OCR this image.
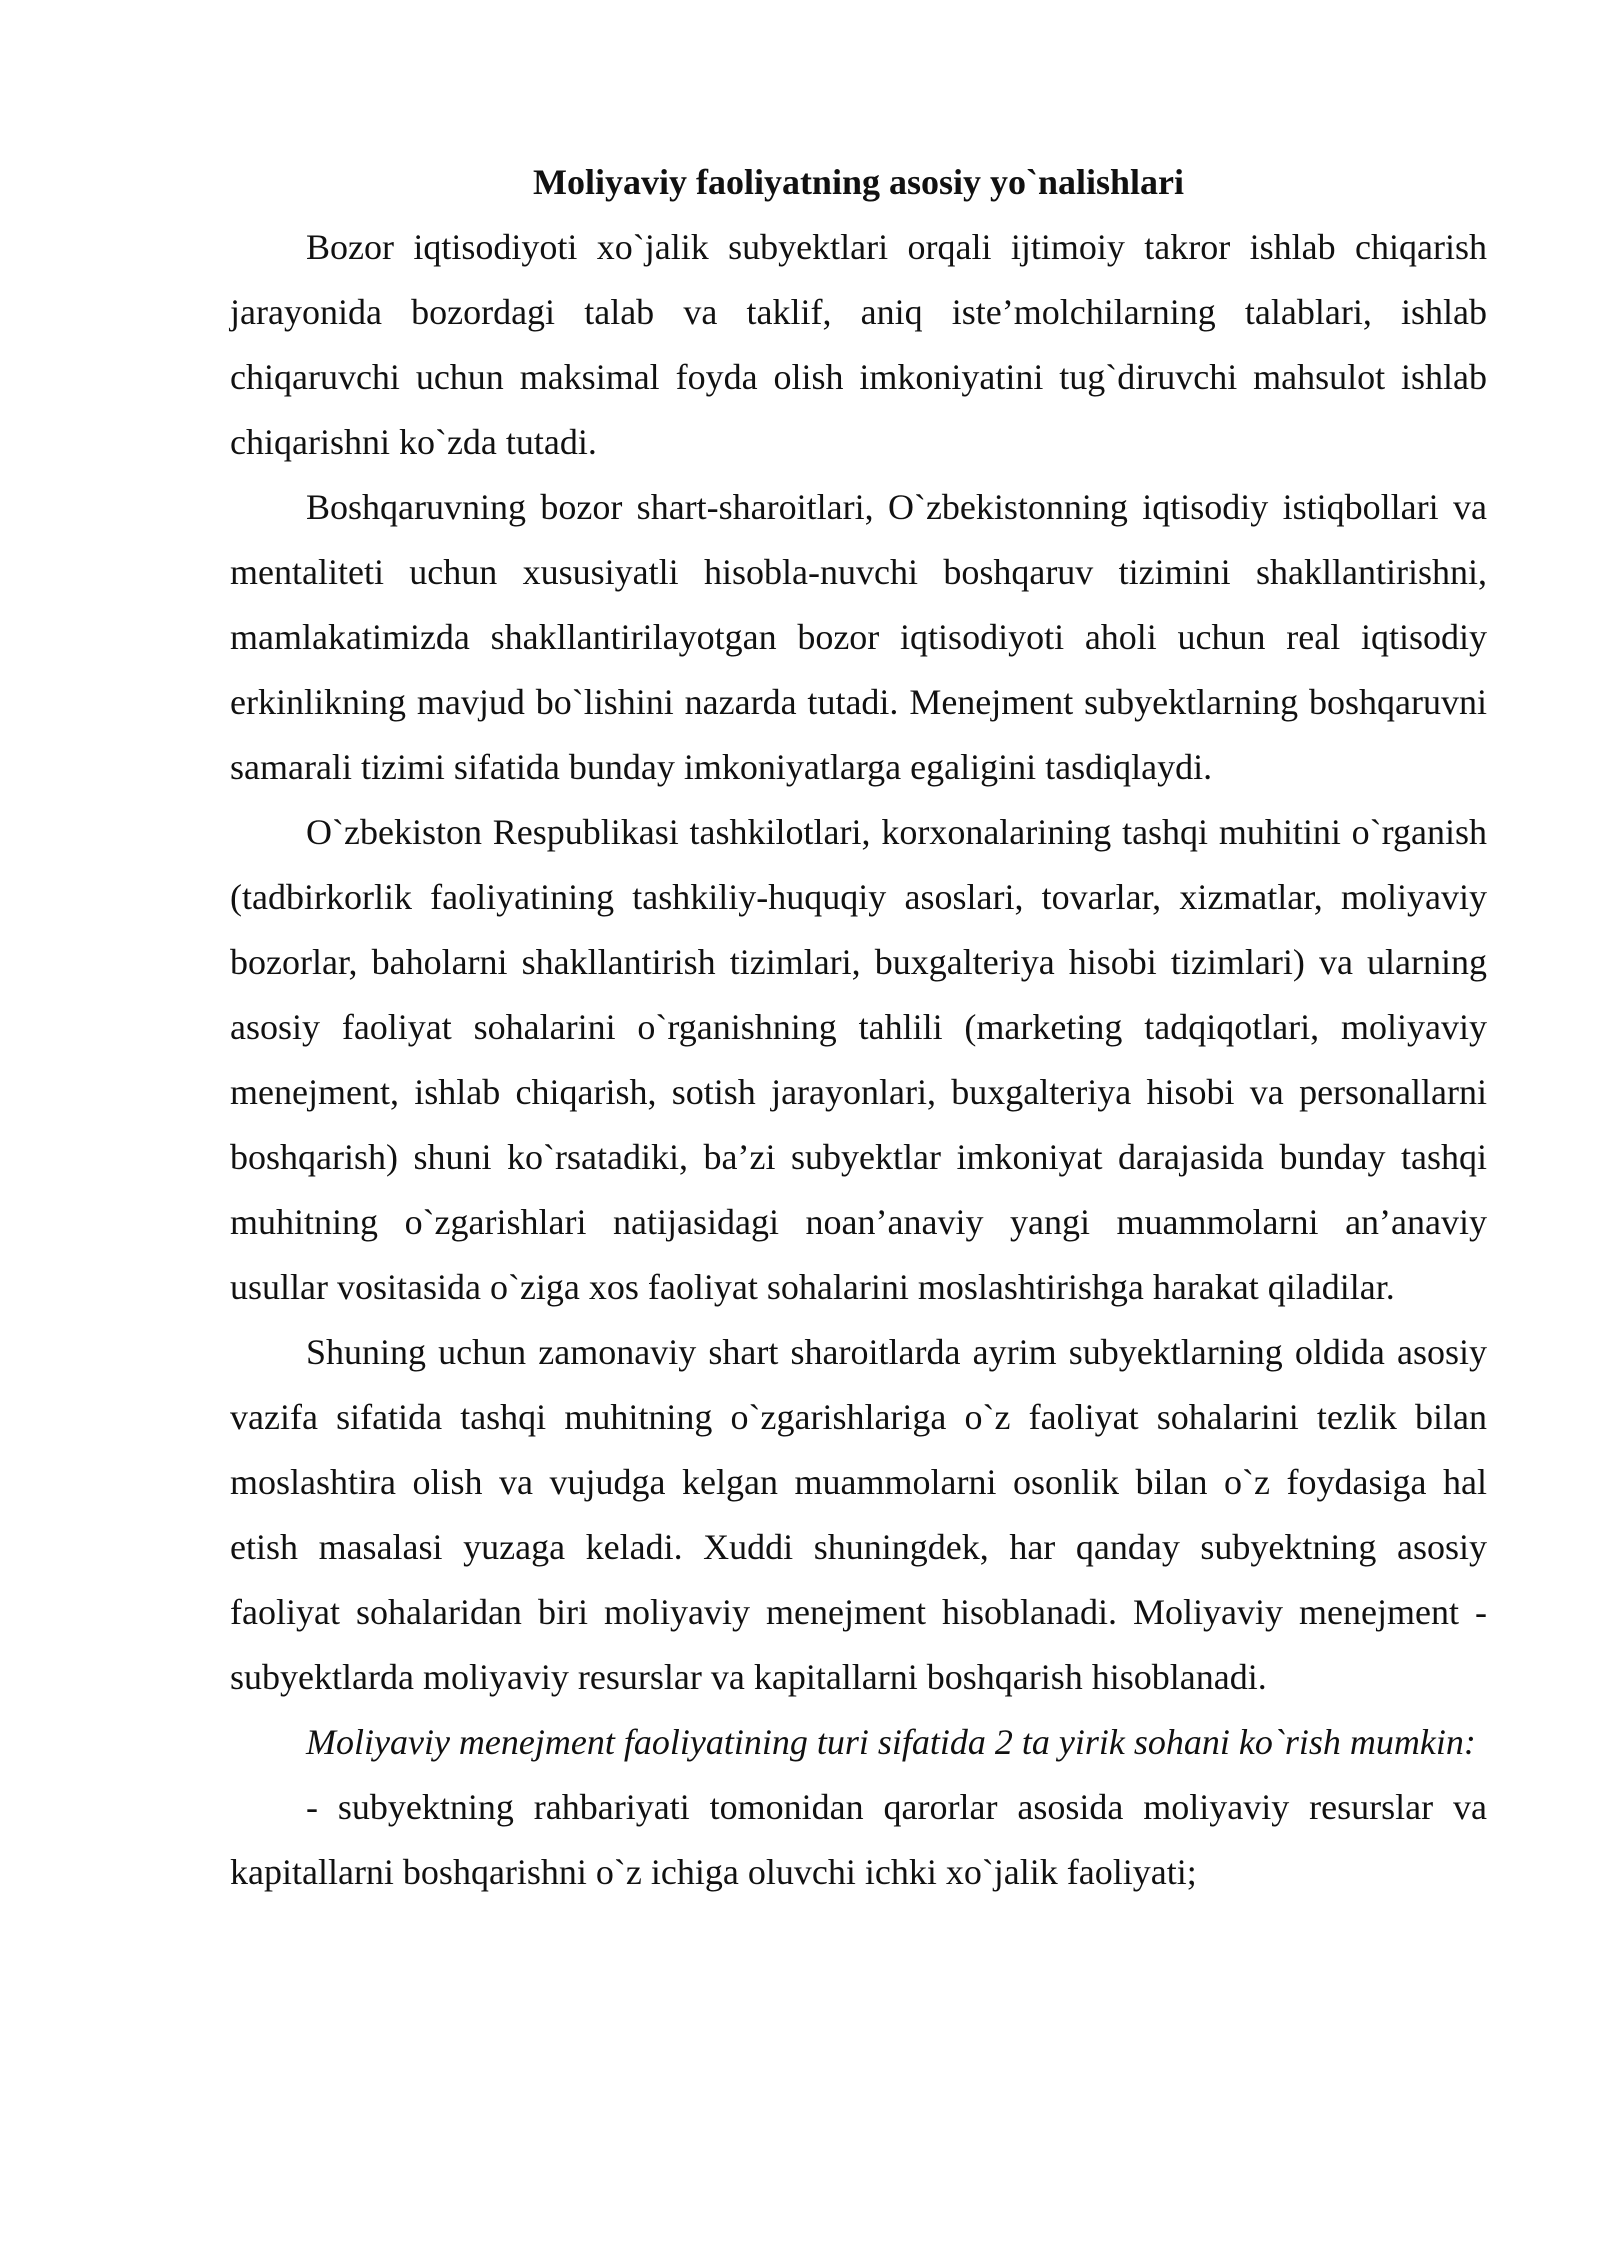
Moliyaviy faoliyatning asosiy yo`nalishlari

Bozor iqtisodiyoti xo`jalik subyektlari orqali ijtimoiy takror ishlab chiqarish jarayonida bozordagi talab va taklif, aniq iste’molchilarning talablari, ishlab chiqaruvchi uchun maksimal foyda olish imkoniyatini tug`diruvchi mahsulot ishlab chiqarishni ko`zda tutadi.

Boshqaruvning bozor shart-sharoitlari, O`zbekistonning iqtisodiy istiqbollari va mentaliteti uchun xususiyatli hisobla-nuvchi boshqaruv tizimini shakllantirishni, mamlakatimizda shakllantirilayotgan bozor iqtisodiyoti aholi uchun real iqtisodiy erkinlikning mavjud bo`lishini nazarda tutadi. Menejment subyektlarning boshqaruvni samarali tizimi sifatida bunday imkoniyatlarga egaligini tasdiqlaydi.

O`zbekiston Respublikasi tashkilotlari, korxonalarining tashqi muhitini o`rganish (tadbirkorlik faoliyatining tashkiliy-huquqiy asoslari, tovarlar, xizmatlar, moliyaviy bozorlar, baholarni shakllantirish tizimlari, buxgalteriya hisobi tizimlari) va ularning asosiy faoliyat sohalarini o`rganishning tahlili (marketing tadqiqotlari, moliyaviy menejment, ishlab chiqarish, sotish jarayonlari, buxgalteriya hisobi va personallarni boshqarish) shuni ko`rsatadiki, ba’zi subyektlar imkoniyat darajasida bunday tashqi muhitning o`zgarishlari natijasidagi noan’anaviy yangi muammolarni an’anaviy usullar vositasida o`ziga xos faoliyat sohalarini moslashtirishga harakat qiladilar.

Shuning uchun zamonaviy shart sharoitlarda ayrim subyektlarning oldida asosiy vazifa sifatida tashqi muhitning o`zgarishlariga o`z faoliyat sohalarini tezlik bilan moslashtira olish va vujudga kelgan muammolarni osonlik bilan o`z foydasiga hal etish masalasi yuzaga keladi. Xuddi shuningdek, har qanday subyektning asosiy faoliyat sohalaridan biri moliyaviy menejment hisoblanadi. Moliyaviy menejment - subyektlarda moliyaviy resurslar va kapitallarni boshqarish hisoblanadi.

Moliyaviy menejment faoliyatining turi sifatida 2 ta yirik sohani ko`rish mumkin:

- subyektning rahbariyati tomonidan qarorlar asosida moliyaviy resurslar va kapitallarni boshqarishni o`z ichiga oluvchi ichki xo`jalik faoliyati;
